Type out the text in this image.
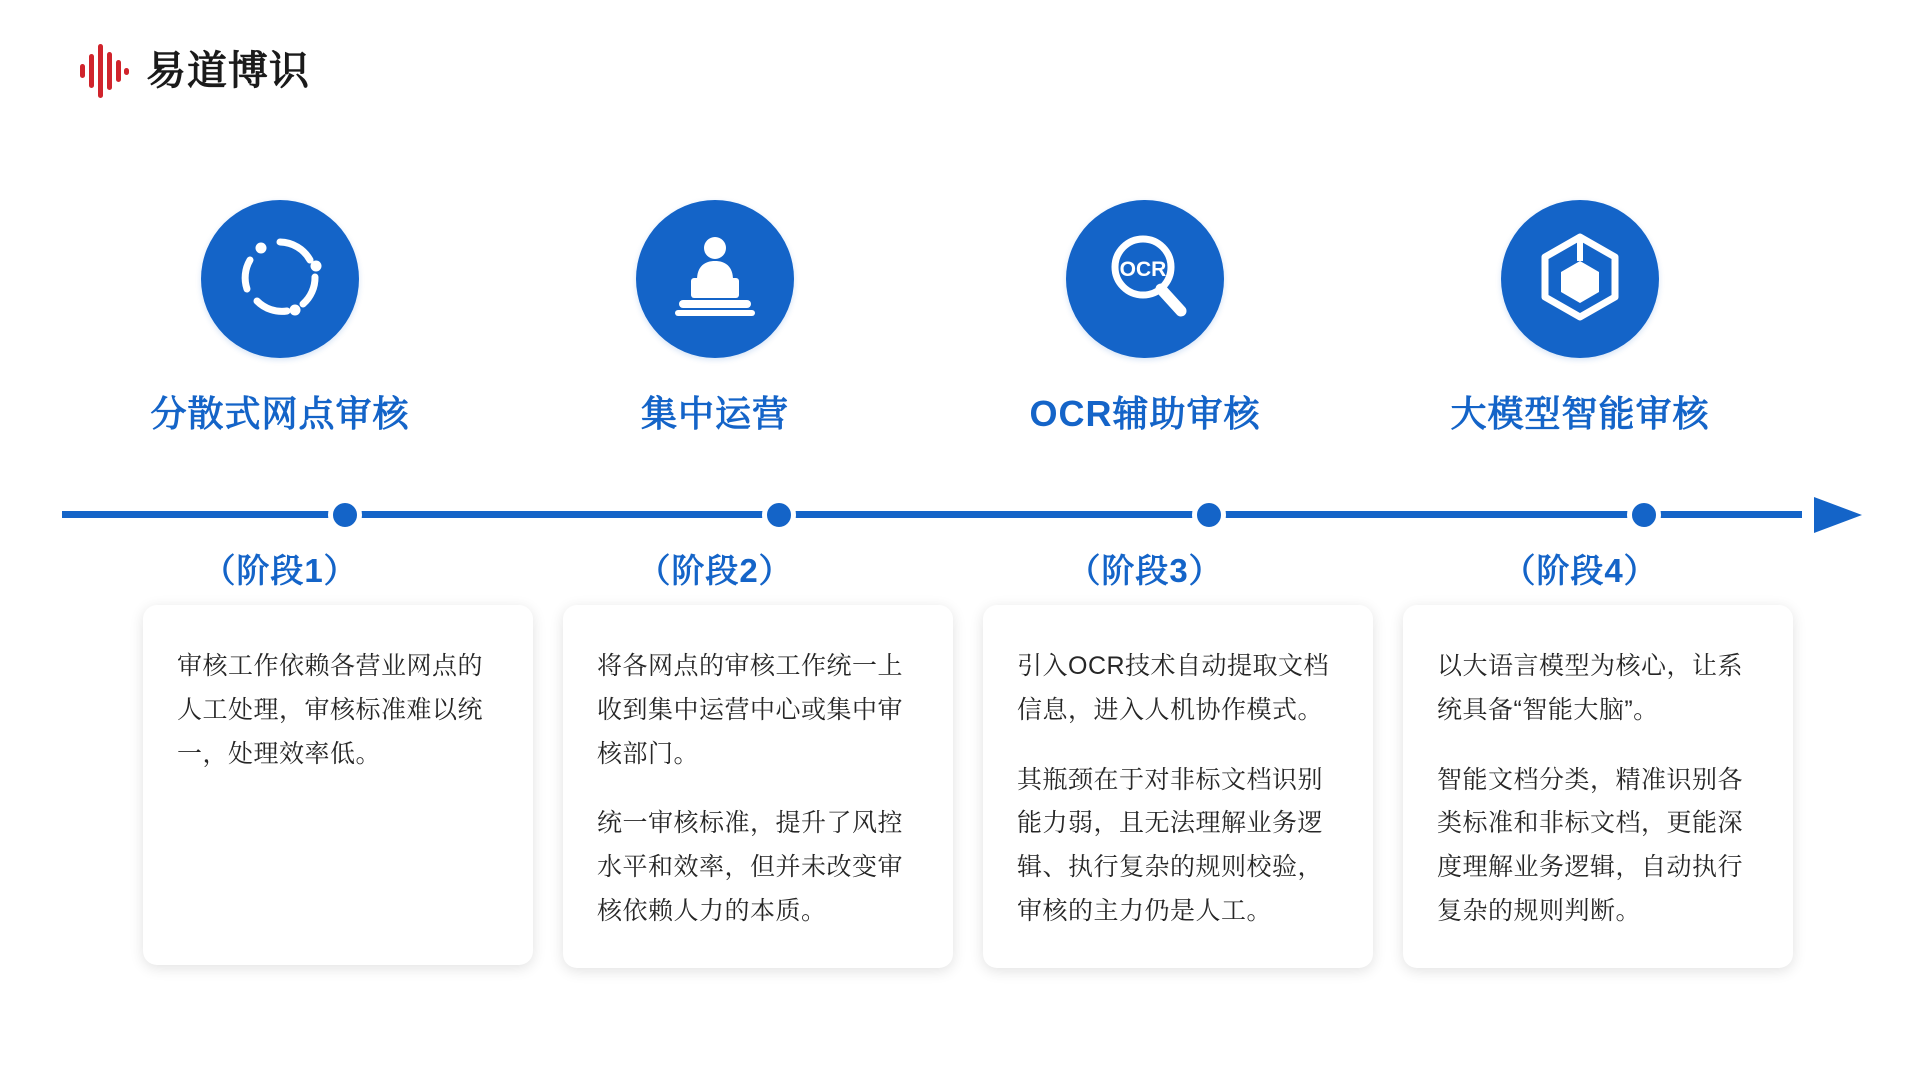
易道博识
分散式网点审核	集中运营
OCR
OCR辅助审核	大模型智能审核
（阶段1）	（阶段2）	（阶段3）	（阶段4）

审核工作依赖各营业网点的人工处理，审核标准难以统一，处理效率低。

将各网点的审核工作统一上收到集中运营中心或集中审核部门。

统一审核标准，提升了风控水平和效率，但并未改变审核依赖人力的本质。

引入OCR技术自动提取文档信息，进入人机协作模式。

其瓶颈在于对非标文档识别能力弱，且无法理解业务逻辑、执行复杂的规则校验，审核的主力仍是人工。

以大语言模型为核心，让系统具备“智能大脑”。

智能文档分类，精准识别各类标准和非标文档，更能深度理解业务逻辑，自动执行复杂的规则判断。
